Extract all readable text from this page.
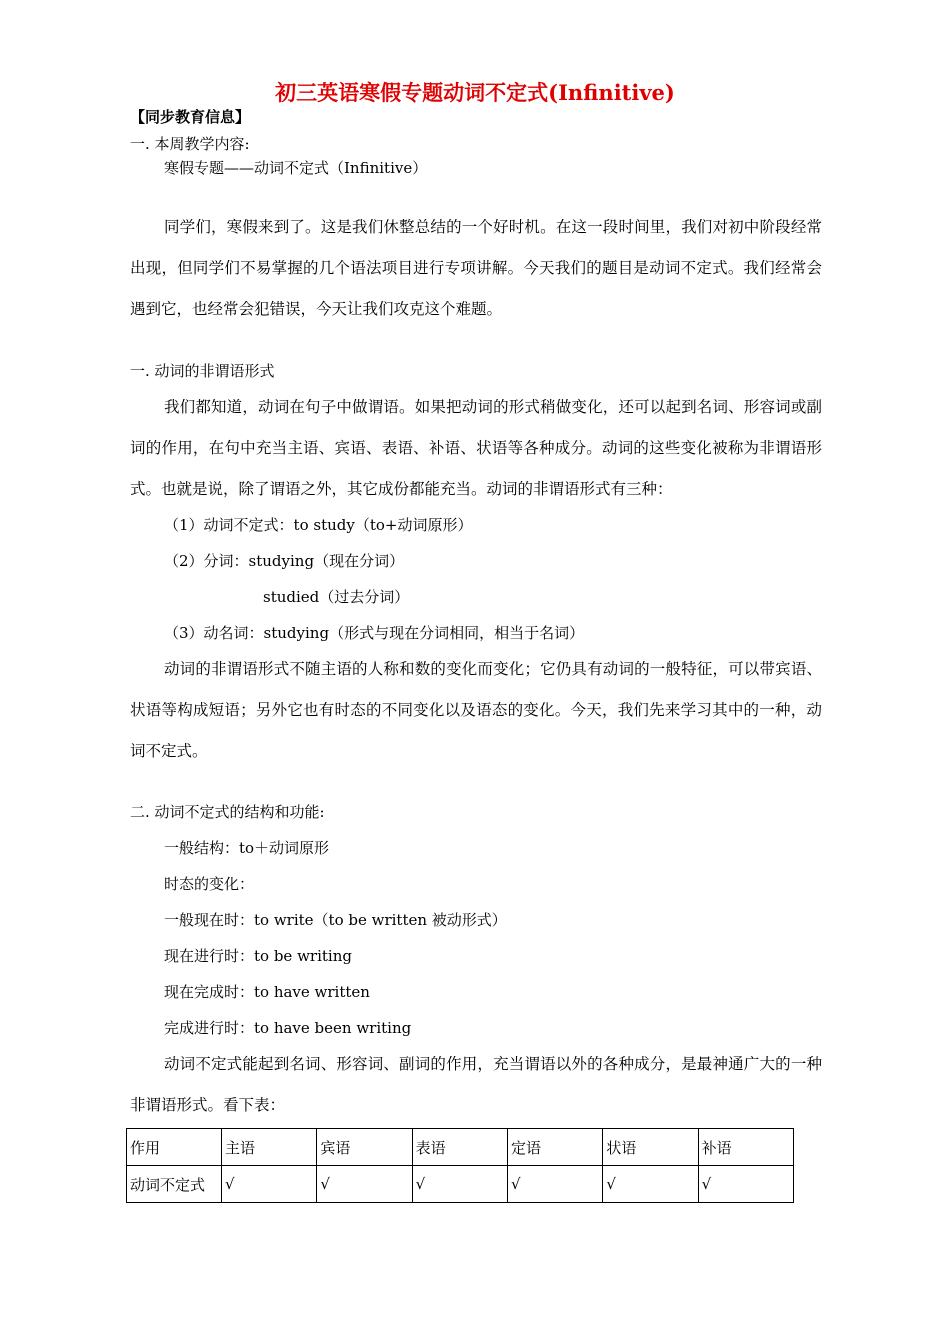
初三英语寒假专题动词不定式(Infinitive)
【同步教育信息】
一. 本周教学内容:
寒假专题——动词不定式（Infinitive）
同学们，寒假来到了。这是我们休整总结的一个好时机。在这一段时间里，我们对初中阶段经常出现，但同学们不易掌握的几个语法项目进行专项讲解。今天我们的题目是动词不定式。我们经常会遇到它，也经常会犯错误，今天让我们攻克这个难题。
一. 动词的非谓语形式
我们都知道，动词在句子中做谓语。如果把动词的形式稍做变化，还可以起到名词、形容词或副词的作用，在句中充当主语、宾语、表语、补语、状语等各种成分。动词的这些变化被称为非谓语形式。也就是说，除了谓语之外，其它成份都能充当。动词的非谓语形式有三种：
（1）动词不定式：to study（to+动词原形）
（2）分词：studying（现在分词）
studied（过去分词）
（3）动名词：studying（形式与现在分词相同，相当于名词）
动词的非谓语形式不随主语的人称和数的变化而变化；它仍具有动词的一般特征，可以带宾语、状语等构成短语；另外它也有时态的不同变化以及语态的变化。今天，我们先来学习其中的一种，动词不定式。
二. 动词不定式的结构和功能:
一般结构：to＋动词原形
时态的变化：
一般现在时：to write（to be written 被动形式）
现在进行时：to be writing
现在完成时：to have written
完成进行时：to have been writing
动词不定式能起到名词、形容词、副词的作用，充当谓语以外的各种成分，是最神通广大的一种非谓语形式。看下表：
作用	主语	宾语	表语	定语	状语	补语
动词不定式	√	√	√	√	√	√
